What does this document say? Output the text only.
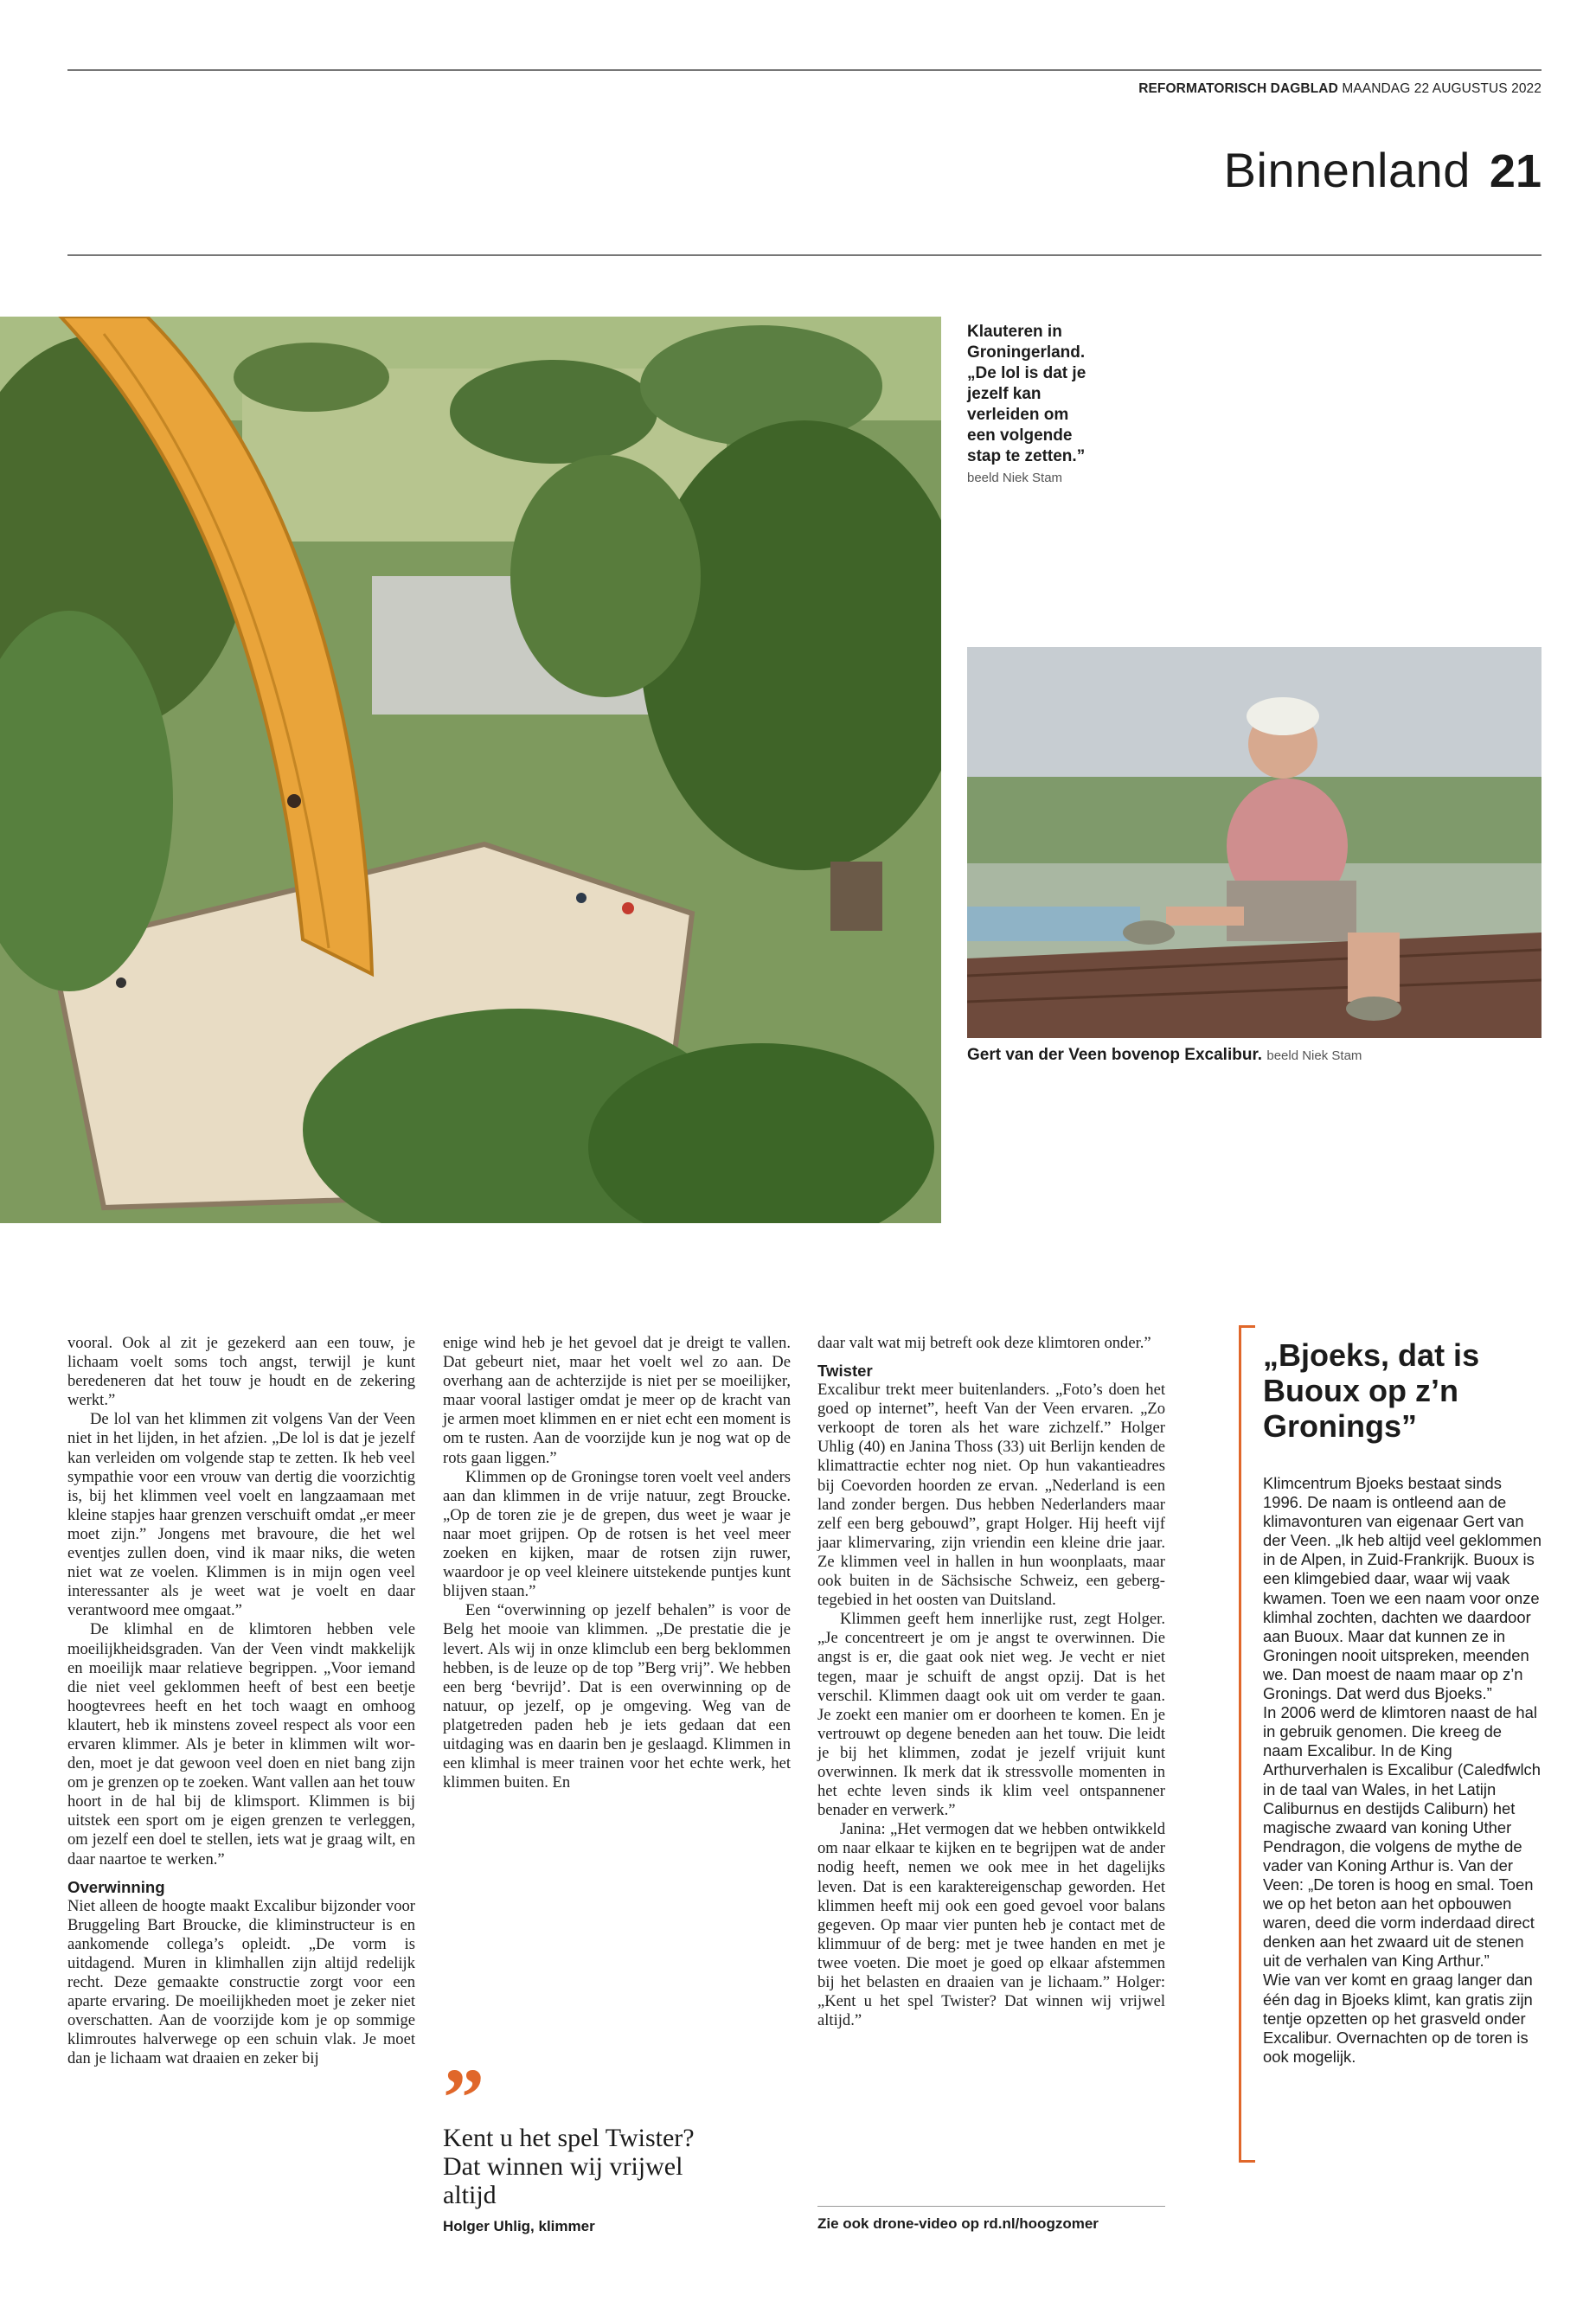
REFORMATORISCH DAGBLAD MAANDAG 22 AUGUSTUS 2022
Binnenland 21
Klauteren in Groningerland. „De lol is dat je jezelf kan verleiden om een volgende stap te zetten.” beeld Niek Stam
Gert van der Veen bovenop Excalibur. beeld Niek Stam

vooral. Ook al zit je gezekerd aan een touw, je lichaam voelt soms toch angst, terwijl je kunt beredeneren dat het touw je houdt en de zekering werkt.”

De lol van het klimmen zit volgens Van der Veen niet in het lijden, in het afzien. „De lol is dat je jezelf kan verleiden om volgende stap te zetten. Ik heb veel sympathie voor een vrouw van dertig die voorzichtig is, bij het klimmen veel voelt en langzaamaan met kleine stapjes haar grenzen verschuift omdat „er meer moet zijn.” Jongens met bravoure, die het wel eventjes zullen doen, vind ik maar niks, die weten niet wat ze voelen. Klimmen is in mijn ogen veel interessanter als je weet wat je voelt en daar verantwoord mee omgaat.”

De klimhal en de klimtoren hebben vele moeilijkheidsgraden. Van der Veen vindt makkelijk en moeilijk maar relatieve begrippen. „Voor iemand die niet veel geklommen heeft of best een beetje hoogtevrees heeft en het toch waagt en omhoog klautert, heb ik minstens zoveel respect als voor een ervaren klimmer. Als je beter in klimmen wilt worden, moet je dat gewoon veel doen en niet bang zijn om je grenzen op te zoeken. Want vallen aan het touw hoort in de hal bij de klimsport. Klimmen is bij uitstek een sport om je eigen grenzen te verleggen, om jezelf een doel te stellen, iets wat je graag wilt, en daar naartoe te werken.”

Overwinning

Niet alleen de hoogte maakt Excalibur bijzonder voor Bruggeling Bart Broucke, die kliminstructeur is en aankomende collega’s opleidt. „De vorm is uitdagend. Muren in klimhallen zijn altijd redelijk recht. Deze gemaakte constructie zorgt voor een aparte ervaring. De moeilijkheden moet je zeker niet overschatten. Aan de voorzijde kom je op sommige klimroutes halverwege op een schuin vlak. Je moet dan je lichaam wat draaien en zeker bij

enige wind heb je het gevoel dat je dreigt te vallen. Dat gebeurt niet, maar het voelt wel zo aan. De overhang aan de achterzijde is niet per se moeilijker, maar vooral lastiger omdat je meer op de kracht van je armen moet klimmen en er niet echt een moment is om te rusten. Aan de voorzijde kun je nog wat op de rots gaan liggen.”

Klimmen op de Groningse toren voelt veel anders aan dan klimmen in de vrije natuur, zegt Broucke. „Op de toren zie je de grepen, dus weet je waar je naar moet grijpen. Op de rotsen is het veel meer zoeken en kijken, maar de rotsen zijn ruwer, waardoor je op veel kleinere uitstekende puntjes kunt blijven staan.”

Een “overwinning op jezelf behalen” is voor de Belg het mooie van klimmen. „De prestatie die je levert. Als wij in onze klimclub een berg beklommen hebben, is de leuze op de top ”Berg vrij”. We hebben een berg ‘bevrijd’. Dat is een overwinning op de natuur, op jezelf, op je omgeving. Weg van de platgetreden paden heb je iets gedaan dat een uitdaging was en daarin ben je geslaagd. Klimmen in een klimhal is meer trainen voor het echte werk, het klimmen buiten. En

”
Kent u het spel Twister? Dat winnen wij vrijwel altijd
Holger Uhlig, klimmer

daar valt wat mij betreft ook deze klimtoren onder.”

Twister

Excalibur trekt meer buitenlanders. „Foto’s doen het goed op internet”, heeft Van der Veen ervaren. „Zo verkoopt de toren als het ware zichzelf.” Holger Uhlig (40) en Janina Thoss (33) uit Berlijn kenden de klimattractie echter nog niet. Op hun vakantieadres bij Coevorden hoorden ze ervan. „Nederland is een land zonder bergen. Dus hebben Nederlanders maar zelf een berg gebouwd”, grapt Holger. Hij heeft vijf jaar klimervaring, zijn vriendin een kleine drie jaar. Ze klimmen veel in hallen in hun woonplaats, maar ook buiten in de Sächsische Schweiz, een gebergtegebied in het oosten van Duitsland.

Klimmen geeft hem innerlijke rust, zegt Holger. „Je concentreert je om je angst te overwinnen. Die angst is er, die gaat ook niet weg. Je vecht er niet tegen, maar je schuift de angst opzij. Dat is het verschil. Klimmen daagt ook uit om verder te gaan. Je zoekt een manier om er doorheen te komen. En je vertrouwt op degene beneden aan het touw. Die leidt je bij het klimmen, zodat je jezelf vrijuit kunt overwinnen. Ik merk dat ik stressvolle momenten in het echte leven sinds ik klim veel ontspannener benader en verwerk.”

Janina: „Het vermogen dat we hebben ontwikkeld om naar elkaar te kijken en te begrijpen wat de ander nodig heeft, nemen we ook mee in het dagelijks leven. Dat is een karaktereigenschap geworden. Het klimmen heeft mij ook een goed gevoel voor balans gegeven. Op maar vier punten heb je contact met de klimmuur of de berg: met je twee handen en met je twee voeten. Die moet je goed op elkaar afstemmen bij het belasten en draaien van je lichaam.” Holger: „Kent u het spel Twister? Dat winnen wij vrijwel altijd.”

Zie ook drone-video op rd.nl/hoogzomer
„Bjoeks, dat is Buoux op z’n Gronings”

Klimcentrum Bjoeks bestaat sinds 1996. De naam is ontleend aan de klimavonturen van eigenaar Gert van der Veen. „Ik heb altijd veel geklommen in de Alpen, in Zuid-Frankrijk. Buoux is een klimgebied daar, waar wij vaak kwamen. Toen we een naam voor onze klimhal zochten, dachten we daardoor aan Buoux. Maar dat kunnen ze in Groningen nooit uitspreken, meenden we. Dan moest de naam maar op z’n Gronings. Dat werd dus Bjoeks.”

In 2006 werd de klimtoren naast de hal in gebruik genomen. Die kreeg de naam Excalibur. In de King Arthurverhalen is Excalibur (Caledfwlch in de taal van Wales, in het Latijn Caliburnus en destijds Caliburn) het magische zwaard van koning Uther Pendragon, die volgens de mythe de vader van Koning Arthur is. Van der Veen: „De toren is hoog en smal. Toen we op het beton aan het opbouwen waren, deed die vorm inderdaad direct denken aan het zwaard uit de stenen uit de verhalen van King Arthur.”

Wie van ver komt en graag langer dan één dag in Bjoeks klimt, kan gratis zijn tentje opzetten op het grasveld onder Excalibur. Overnachten op de toren is ook mogelijk.
